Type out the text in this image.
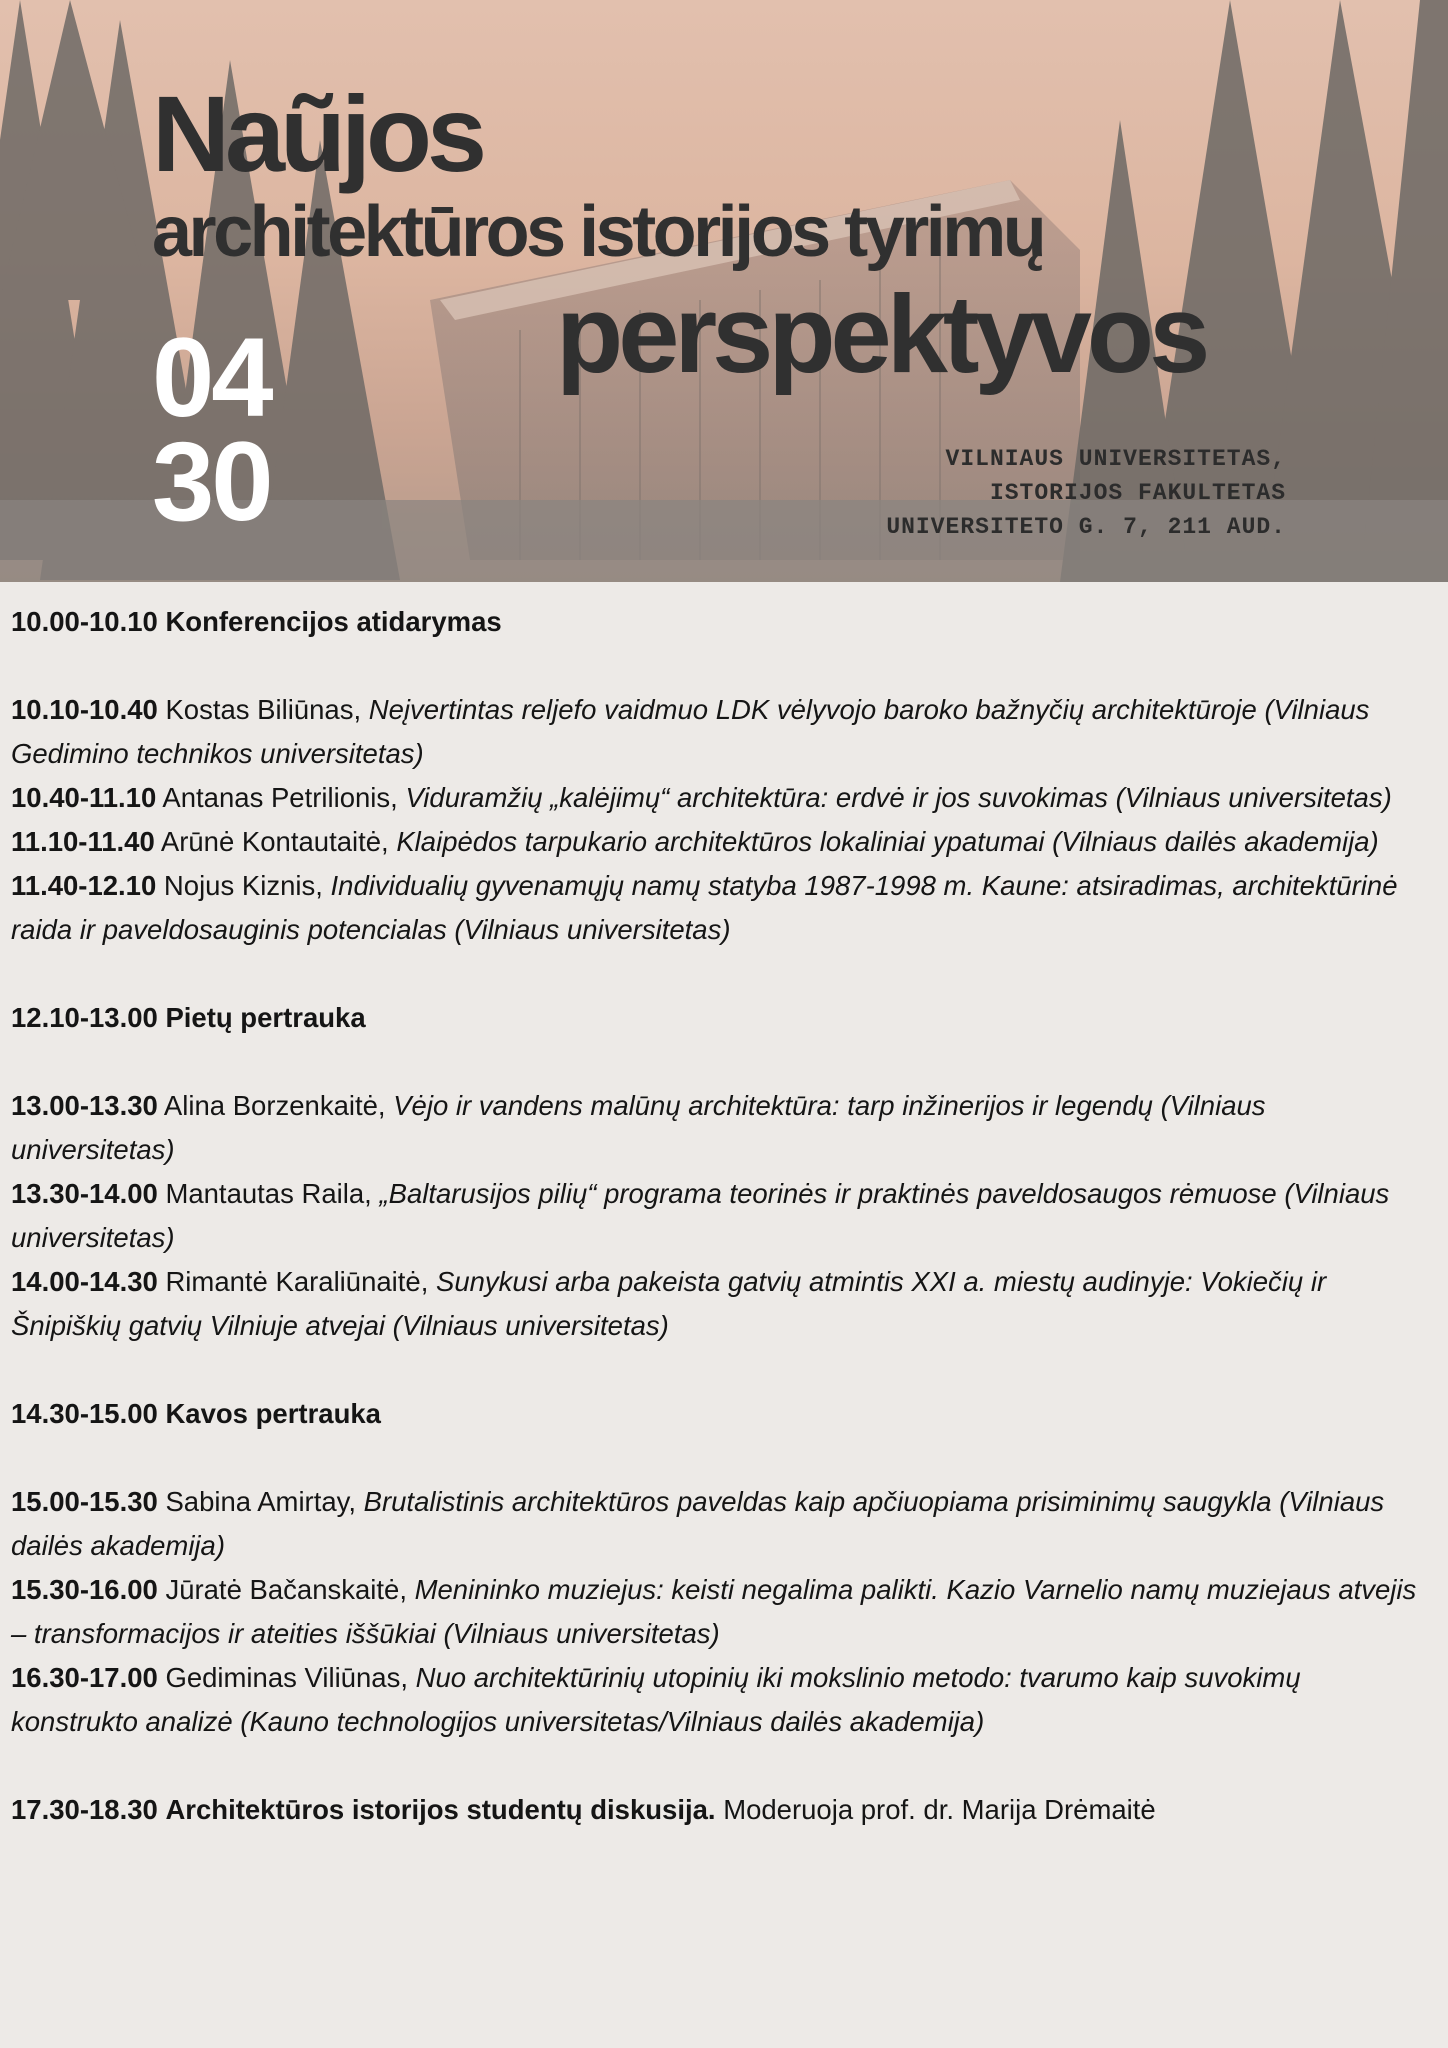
Naũjos
architektūros istorijos tyrimų
perspektyvos
04
30	VILNIAUS UNIVERSITETAS,
ISTORIJOS FAKULTETAS
UNIVERSITETO G. 7, 211 AUD.
10.00-10.10 Konferencijos atidarymas
10.10-10.40 Kostas Biliūnas, Neįvertintas reljefo vaidmuo LDK vėlyvojo baroko bažnyčių architektūroje (Vilniaus Gedimino technikos universitetas)
10.40-11.10 Antanas Petrilionis, Viduramžių „kalėjimų“ architektūra: erdvė ir jos suvokimas (Vilniaus universitetas)
11.10-11.40 Arūnė Kontautaitė, Klaipėdos tarpukario architektūros lokaliniai ypatumai (Vilniaus dailės akademija)
11.40-12.10 Nojus Kiznis, Individualių gyvenamųjų namų statyba 1987-1998 m. Kaune: atsiradimas, architektūrinė raida ir paveldosauginis potencialas (Vilniaus universitetas)
12.10-13.00 Pietų pertrauka
13.00-13.30 Alina Borzenkaitė, Vėjo ir vandens malūnų architektūra: tarp inžinerijos ir legendų (Vilniaus universitetas)
13.30-14.00 Mantautas Raila, „Baltarusijos pilių“ programa teorinės ir praktinės paveldosaugos rėmuose (Vilniaus universitetas)
14.00-14.30 Rimantė Karaliūnaitė, Sunykusi arba pakeista gatvių atmintis XXI a. miestų audinyje: Vokiečių ir Šnipiškių gatvių Vilniuje atvejai (Vilniaus universitetas)
14.30-15.00 Kavos pertrauka
15.00-15.30 Sabina Amirtay, Brutalistinis architektūros paveldas kaip apčiuopiama prisiminimų saugykla (Vilniaus dailės akademija)
15.30-16.00 Jūratė Bačanskaitė, Menininko muziejus: keisti negalima palikti. Kazio Varnelio namų muziejaus atvejis – transformacijos ir ateities iššūkiai (Vilniaus universitetas)
16.30-17.00 Gediminas Viliūnas, Nuo architektūrinių utopinių iki mokslinio metodo: tvarumo kaip suvokimų konstrukto analizė (Kauno technologijos universitetas/Vilniaus dailės akademija)
17.30-18.30 Architektūros istorijos studentų diskusija. Moderuoja prof. dr. Marija Drėmaitė
